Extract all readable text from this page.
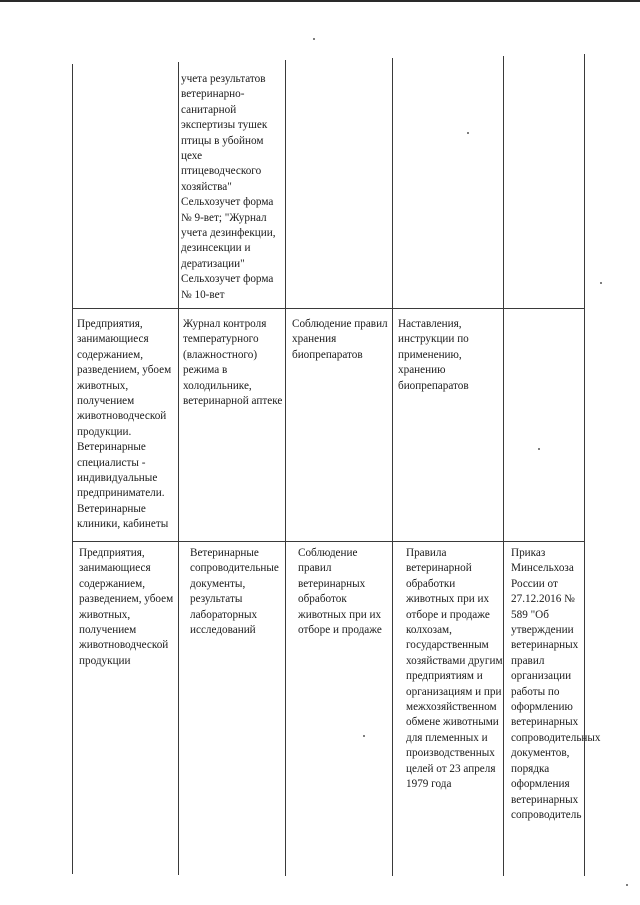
учета результатов ветеринарно-санитарной экспертизы тушек птицы в убойном цехе птицеводческого хозяйства" Сельхозучет форма № 9-вет; "Журнал учета дезинфекции, дезинсекции и дератизации" Сельхозучет форма № 10-вет
Предприятия, занимающиеся содержанием, разведением, убоем животных, получением животноводческой продукции. Ветеринарные специалисты - индивидуальные предприниматели. Ветеринарные клиники, кабинеты
Журнал контроля температурного (влажностного) режима в холодильнике, ветеринарной аптеке
Соблюдение правил хранения биопрепаратов
Наставления, инструкции по применению, хранению биопрепаратов
Предприятия, занимающиеся содержанием, разведением, убоем животных, получением животноводческой продукции
Ветеринарные сопроводительные документы, результаты лабораторных исследований
Соблюдение правил ветеринарных обработок животных при их отборе и продаже
Правила ветеринарной обработки животных при их отборе и продаже колхозам, государственным хозяйствами другим предприятиям и организациям и при межхозяйственном обмене животными для племенных и производственных целей от 23 апреля 1979 года
Приказ Минсельхоза России от 27.12.2016 № 589 "Об утверждении ветеринарных правил организации работы по оформлению ветеринарных сопроводительных документов, порядка оформления ветеринарных сопроводитель
